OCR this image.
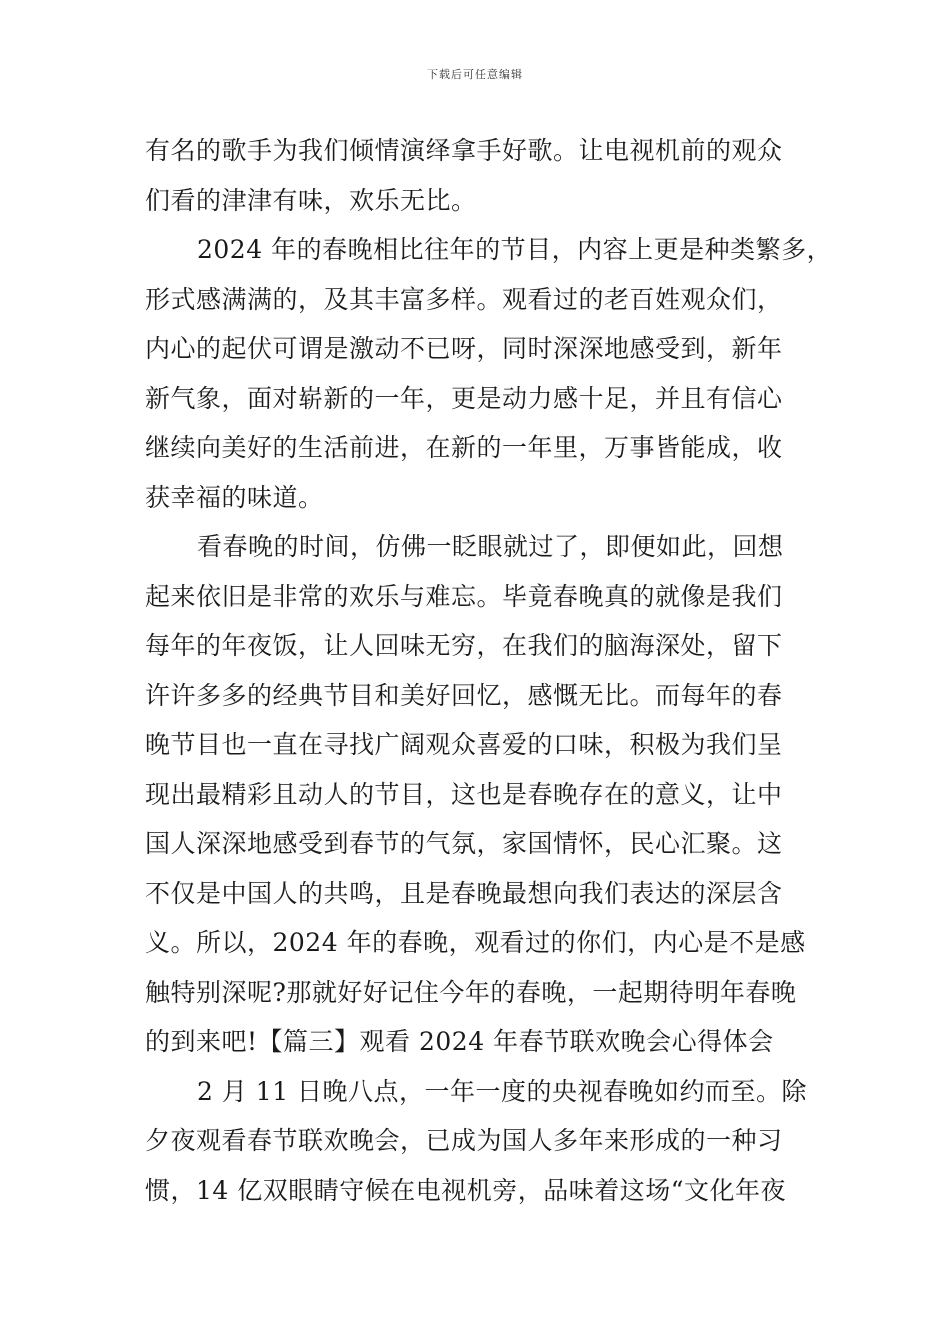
下载后可任意编辑
有名的歌手为我们倾情演绎拿手好歌。让电视机前的观众
们看的津津有味，欢乐无比。
2024 年的春晚相比往年的节目，内容上更是种类繁多，
形式感满满的，及其丰富多样。观看过的老百姓观众们，
内心的起伏可谓是激动不已呀，同时深深地感受到，新年
新气象，面对崭新的一年，更是动力感十足，并且有信心
继续向美好的生活前进，在新的一年里，万事皆能成，收
获幸福的味道。
看春晚的时间，仿佛一眨眼就过了，即便如此，回想
起来依旧是非常的欢乐与难忘。毕竟春晚真的就像是我们
每年的年夜饭，让人回味无穷，在我们的脑海深处，留下
许许多多的经典节目和美好回忆，感慨无比。而每年的春
晚节目也一直在寻找广阔观众喜爱的口味，积极为我们呈
现出最精彩且动人的节目，这也是春晚存在的意义，让中
国人深深地感受到春节的气氛，家国情怀，民心汇聚。这
不仅是中国人的共鸣，且是春晚最想向我们表达的深层含
义。所以，2024 年的春晚，观看过的你们，内心是不是感
触特别深呢?那就好好记住今年的春晚，一起期待明年春晚
的到来吧!【篇三】观看 2024 年春节联欢晚会心得体会
2 月 11 日晚八点，一年一度的央视春晚如约而至。除
夕夜观看春节联欢晚会，已成为国人多年来形成的一种习
惯，14 亿双眼睛守候在电视机旁，品味着这场“文化年夜
